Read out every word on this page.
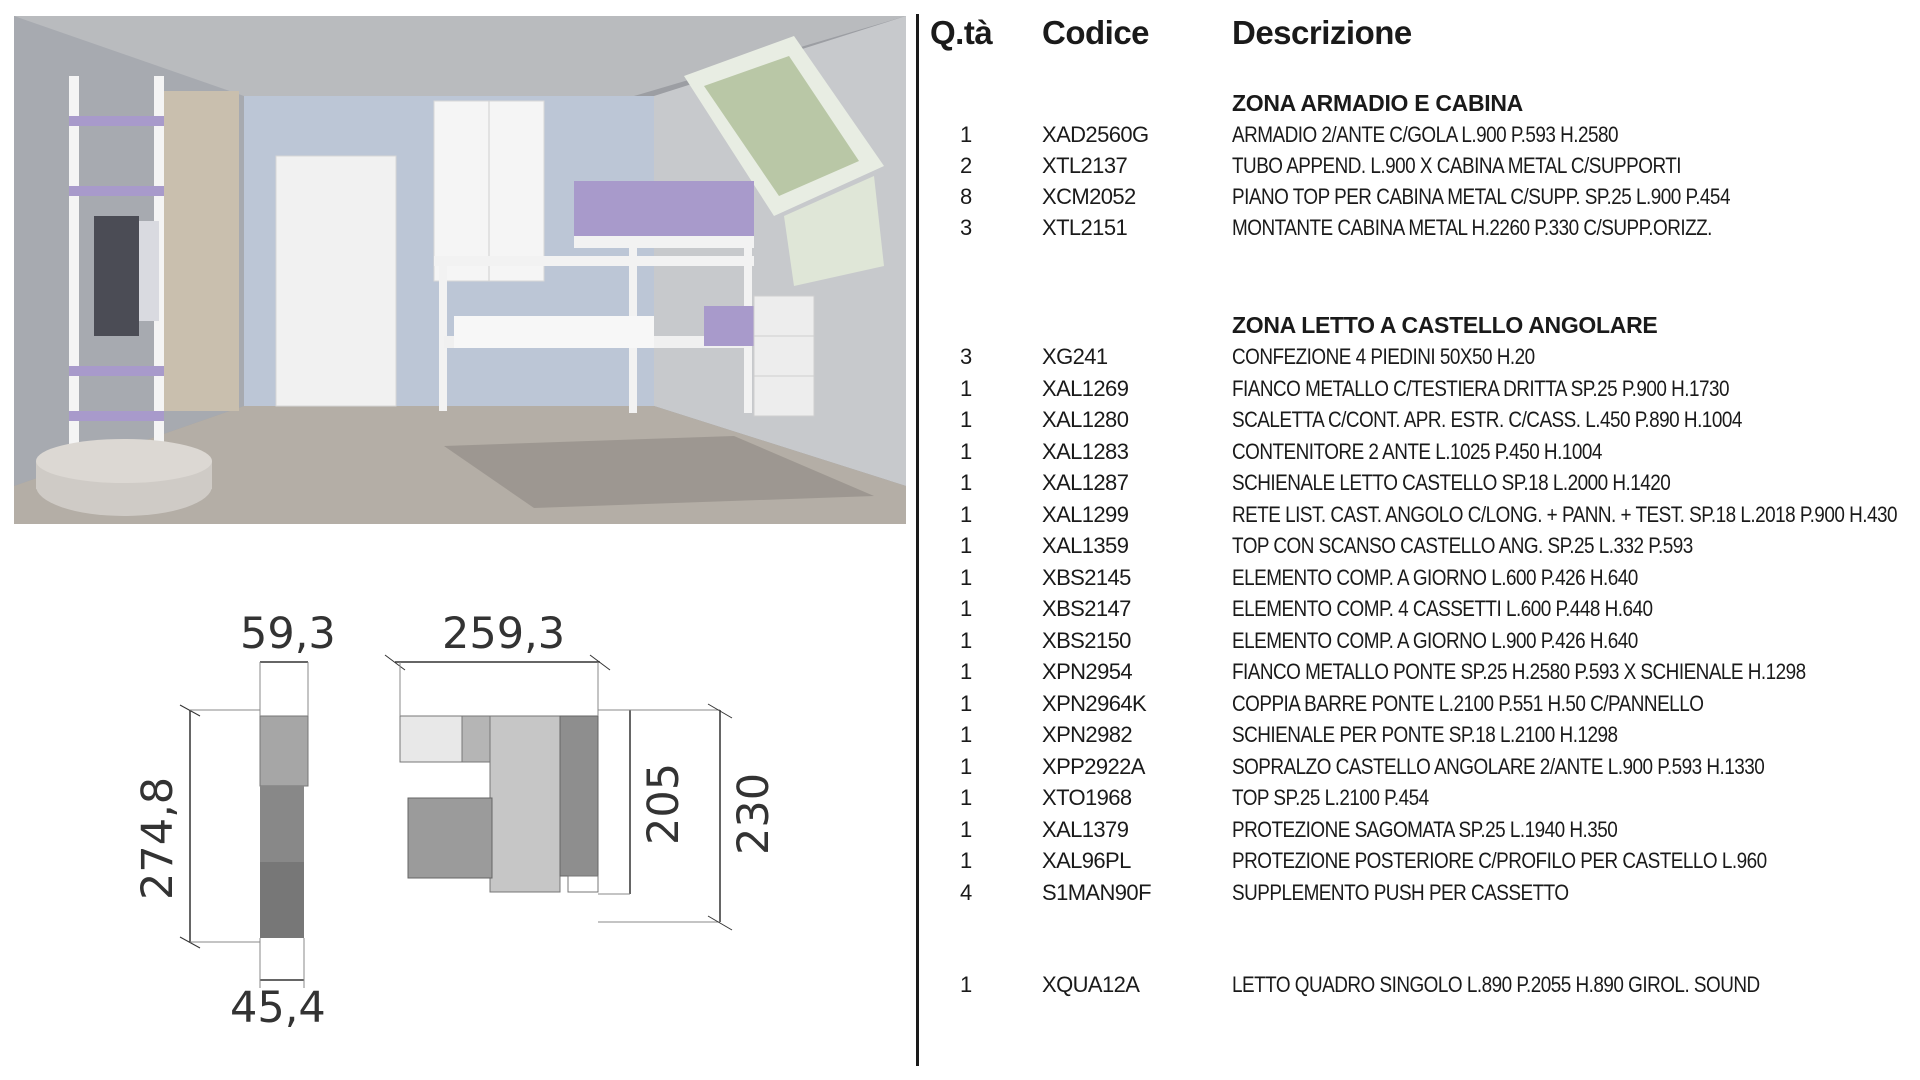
59,3 259,3
45,4
274,8	205 230
Q.tà Codice	Descrizione
ZONA ARMADIO E CABINA
1	XAD2560G	ARMADIO 2/ANTE C/GOLA L.900 P.593 H.2580
2	XTL2137	TUBO APPEND. L.900 X CABINA METAL C/SUPPORTI
8	XCM2052	PIANO TOP PER CABINA METAL C/SUPP. SP.25 L.900 P.454
3	XTL2151	MONTANTE CABINA METAL H.2260 P.330 C/SUPP.ORIZZ.
ZONA LETTO A CASTELLO ANGOLARE
3	XG241	CONFEZIONE 4 PIEDINI 50X50 H.20
1	XAL1269	FIANCO METALLO C/TESTIERA DRITTA SP.25 P.900 H.1730
1	XAL1280	SCALETTA C/CONT. APR. ESTR. C/CASS. L.450 P.890 H.1004
1	XAL1283	CONTENITORE 2 ANTE L.1025 P.450 H.1004
1	XAL1287	SCHIENALE LETTO CASTELLO SP.18 L.2000 H.1420
1	XAL1299	RETE LIST. CAST. ANGOLO C/LONG. + PANN. + TEST. SP.18 L.2018 P.900 H.430
1	XAL1359	TOP CON SCANSO CASTELLO ANG. SP.25 L.332 P.593
1	XBS2145	ELEMENTO COMP. A GIORNO L.600 P.426 H.640
1	XBS2147	ELEMENTO COMP. 4 CASSETTI L.600 P.448 H.640
1	XBS2150	ELEMENTO COMP. A GIORNO L.900 P.426 H.640
1	XPN2954	FIANCO METALLO PONTE SP.25 H.2580 P.593 X SCHIENALE H.1298
1	XPN2964K	COPPIA BARRE PONTE L.2100 P.551 H.50 C/PANNELLO
1	XPN2982	SCHIENALE PER PONTE SP.18 L.2100 H.1298
1	XPP2922A	SOPRALZO CASTELLO ANGOLARE 2/ANTE L.900 P.593 H.1330
1	XTO1968	TOP SP.25 L.2100 P.454
1	XAL1379	PROTEZIONE SAGOMATA SP.25 L.1940 H.350
1	XAL96PL	PROTEZIONE POSTERIORE C/PROFILO PER CASTELLO L.960
4	S1MAN90F	SUPPLEMENTO PUSH PER CASSETTO
1	XQUA12A	LETTO QUADRO SINGOLO L.890 P.2055 H.890 GIROL. SOUND
